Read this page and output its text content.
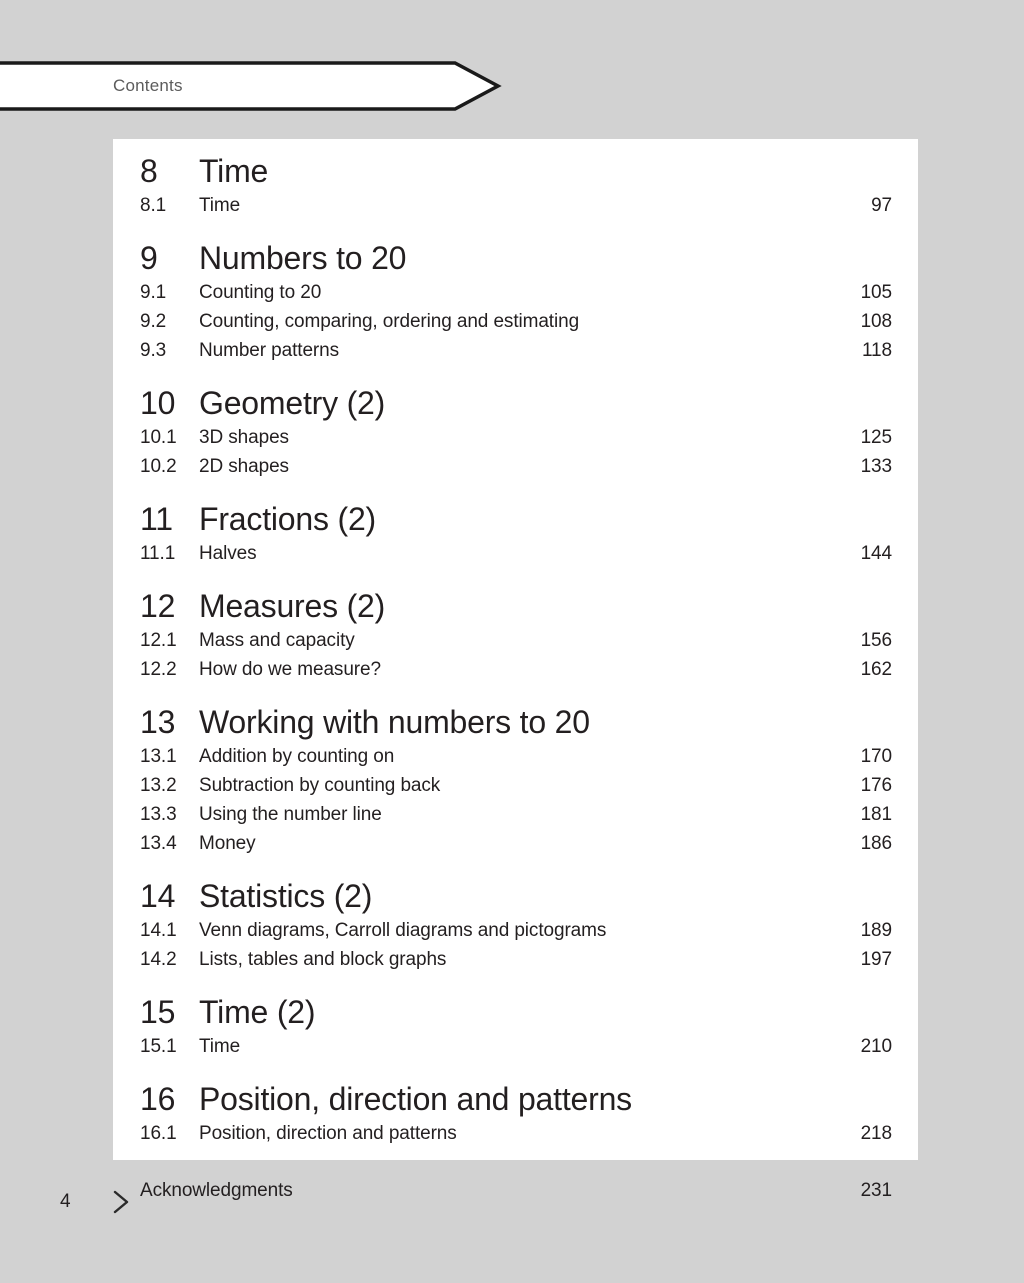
Contents
8	Time
8.1	Time	97
9	Numbers to 20
9.1	Counting to 20	105
9.2	Counting, comparing, ordering and estimating	108
9.3	Number patterns	118
10 Geometry (2)
10.1	3D shapes	125
10.2	2D shapes	133
11 Fractions (2)
11.1	Halves	144
12 Measures (2)
12.1	Mass and capacity	156
12.2	How do we measure?	162
13 Working with numbers to 20
13.1	Addition by counting on	170
13.2	Subtraction by counting back	176
13.3	Using the number line	181
13.4	Money	186
14 Statistics (2)
14.1	Venn diagrams, Carroll diagrams and pictograms	189
14.2	Lists, tables and block graphs	197
15 Time (2)
15.1	Time	210
16 Position, direction and patterns
16.1	Position, direction and patterns	218
Acknowledgments	231
4
